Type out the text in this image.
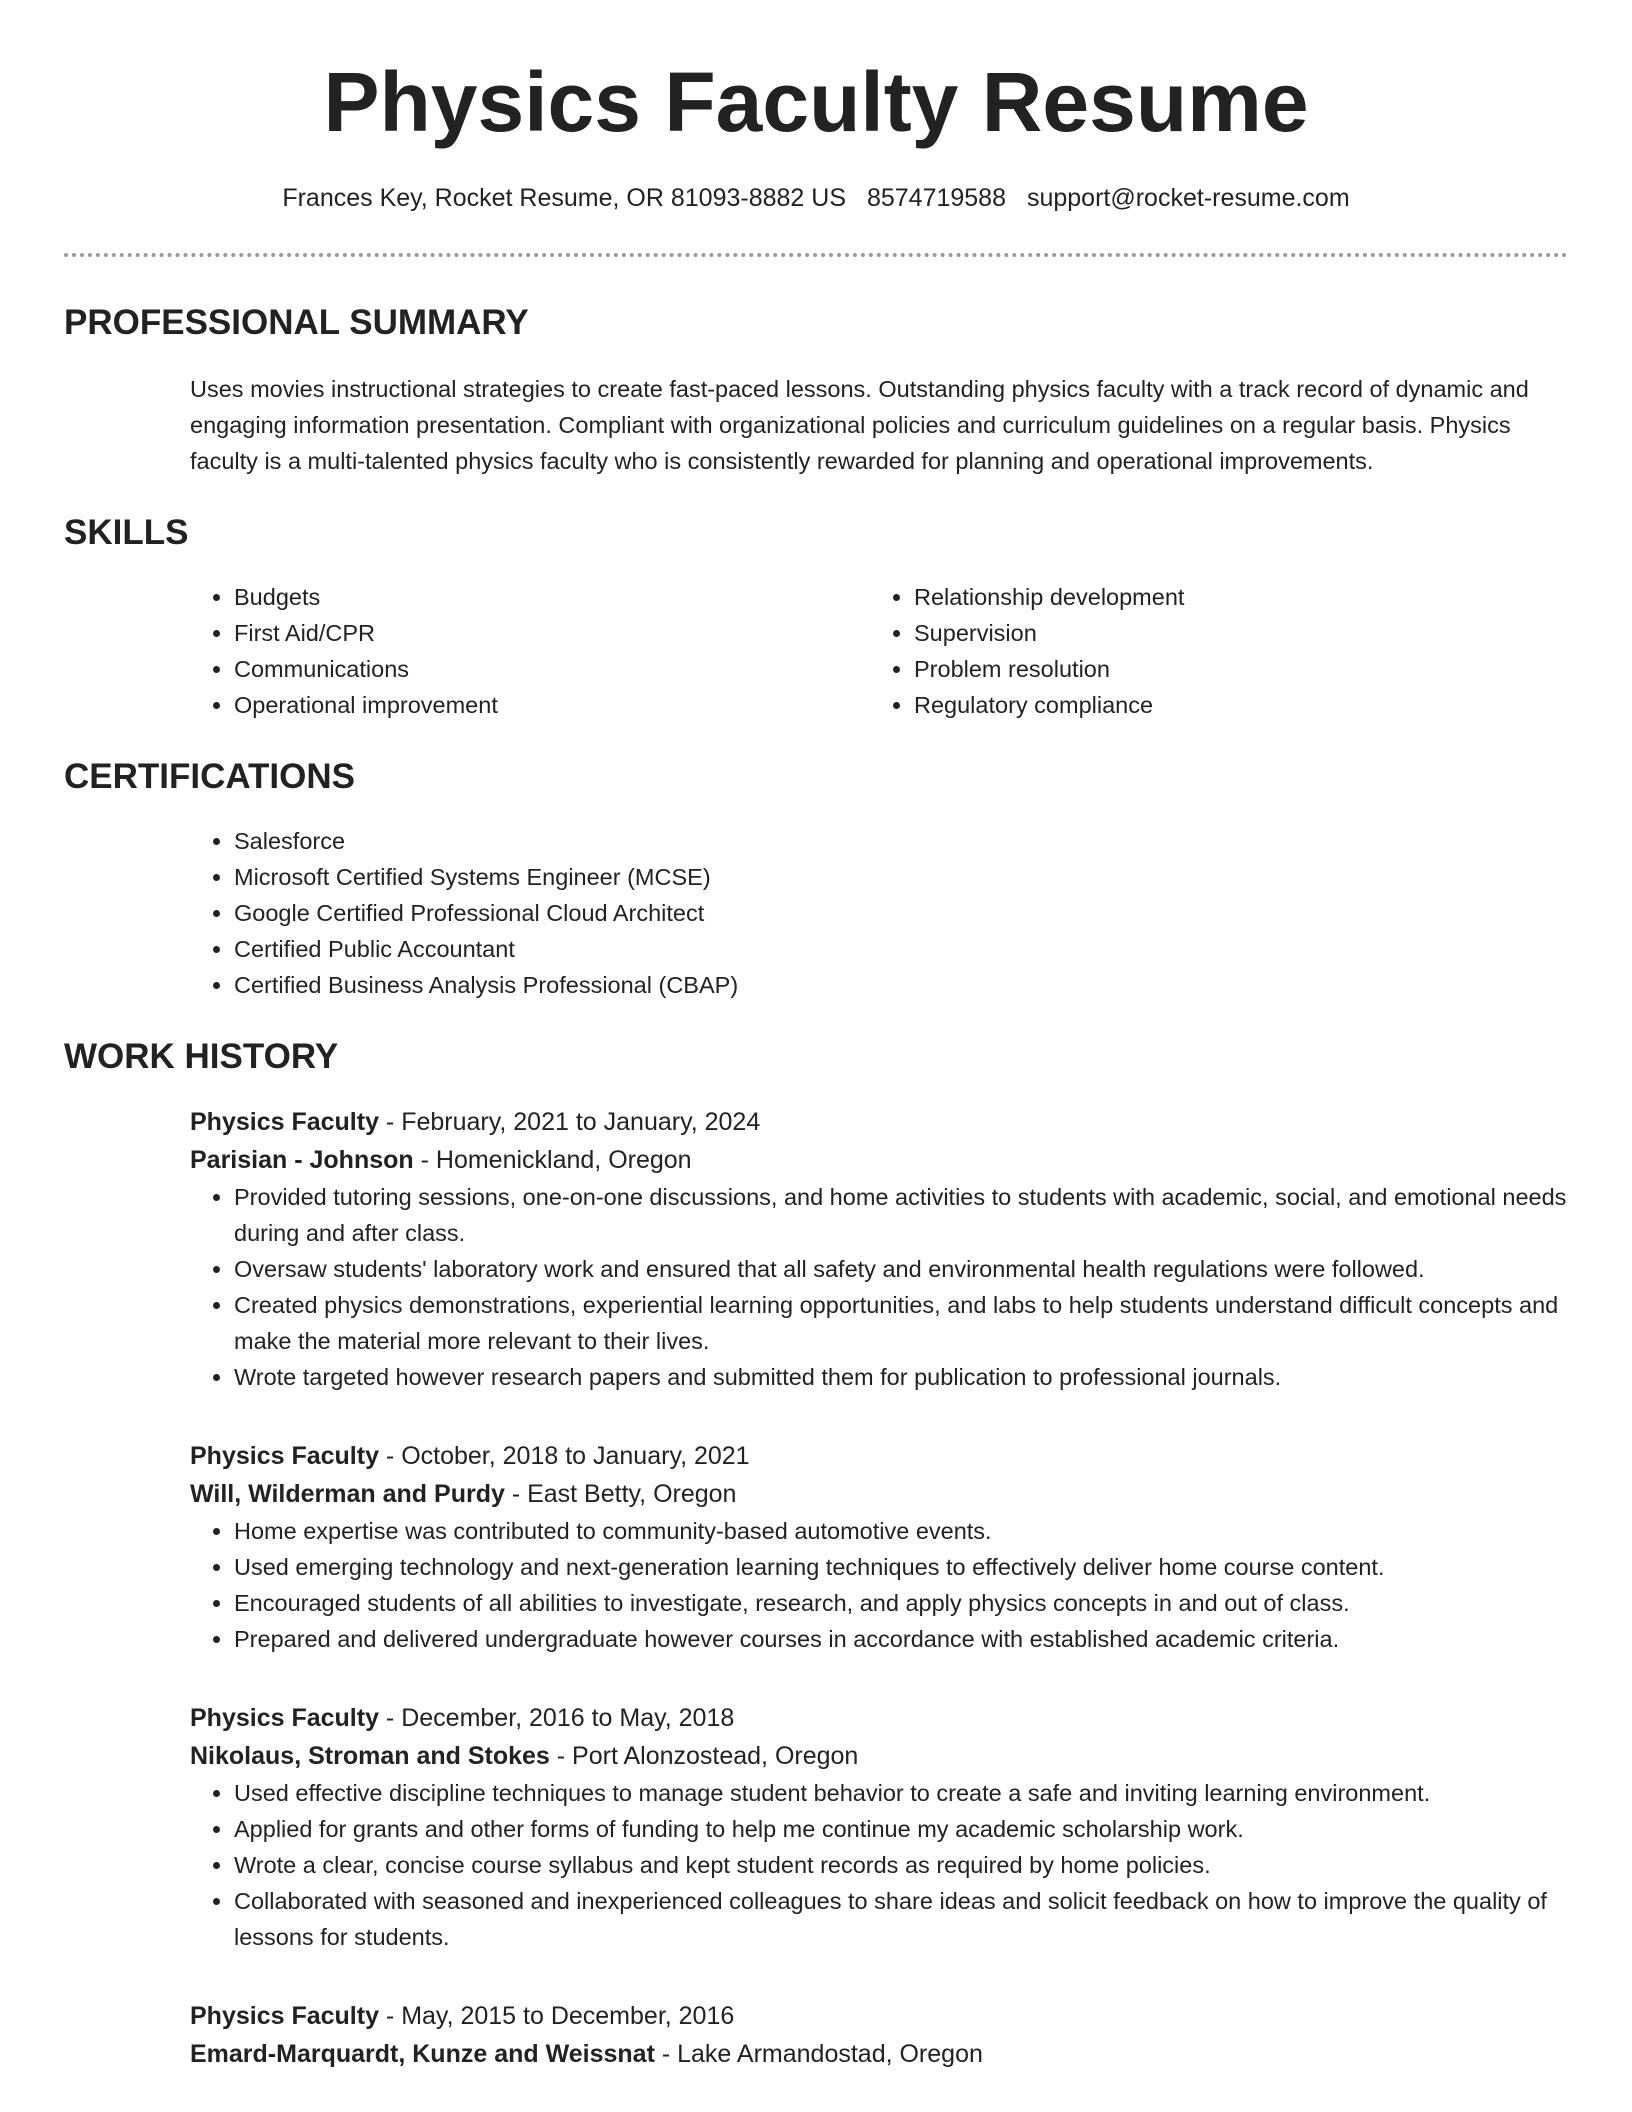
Physics Faculty Resume
Frances Key, Rocket Resume, OR 81093-8882 US 8574719588 support@rocket-resume.com
PROFESSIONAL SUMMARY
Uses movies instructional strategies to create fast-paced lessons. Outstanding physics faculty with a track record of dynamic and engaging information presentation. Compliant with organizational policies and curriculum guidelines on a regular basis. Physics faculty is a multi-talented physics faculty who is consistently rewarded for planning and operational improvements.
SKILLS
• Budgets
• First Aid/CPR
• Communications
• Operational improvement
• Relationship development
• Supervision
• Problem resolution
• Regulatory compliance
CERTIFICATIONS
• Salesforce
• Microsoft Certified Systems Engineer (MCSE)
• Google Certified Professional Cloud Architect
• Certified Public Accountant
• Certified Business Analysis Professional (CBAP)
WORK HISTORY
Physics Faculty - February, 2021 to January, 2024
Parisian - Johnson - Homenickland, Oregon
• Provided tutoring sessions, one-on-one discussions, and home activities to students with academic, social, and emotional needs during and after class.
• Oversaw students' laboratory work and ensured that all safety and environmental health regulations were followed.
• Created physics demonstrations, experiential learning opportunities, and labs to help students understand difficult concepts and make the material more relevant to their lives.
• Wrote targeted however research papers and submitted them for publication to professional journals.
Physics Faculty - October, 2018 to January, 2021
Will, Wilderman and Purdy - East Betty, Oregon
• Home expertise was contributed to community-based automotive events.
• Used emerging technology and next-generation learning techniques to effectively deliver home course content.
• Encouraged students of all abilities to investigate, research, and apply physics concepts in and out of class.
• Prepared and delivered undergraduate however courses in accordance with established academic criteria.
Physics Faculty - December, 2016 to May, 2018
Nikolaus, Stroman and Stokes - Port Alonzostead, Oregon
• Used effective discipline techniques to manage student behavior to create a safe and inviting learning environment.
• Applied for grants and other forms of funding to help me continue my academic scholarship work.
• Wrote a clear, concise course syllabus and kept student records as required by home policies.
• Collaborated with seasoned and inexperienced colleagues to share ideas and solicit feedback on how to improve the quality of lessons for students.
Physics Faculty - May, 2015 to December, 2016
Emard-Marquardt, Kunze and Weissnat - Lake Armandostad, Oregon
